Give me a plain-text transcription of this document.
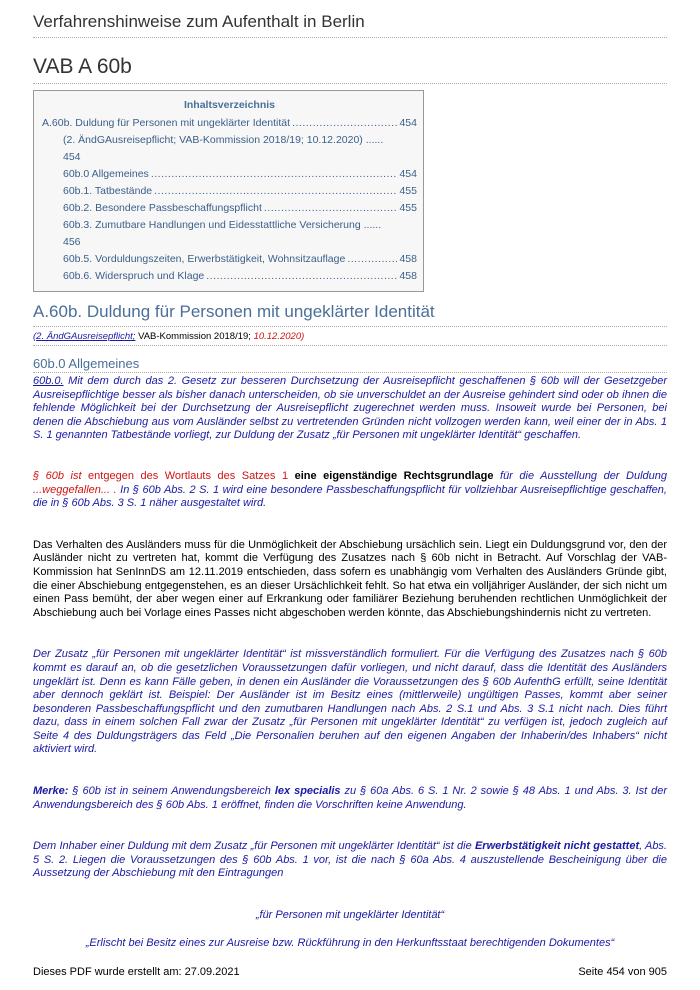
Verfahrenshinweise zum Aufenthalt in Berlin
VAB A 60b
Inhaltsverzeichnis
A.60b. Duldung für Personen mit ungeklärter Identität .....	454
(2. ÄndGAusreisepflicht; VAB-Kommission 2018/19; 10.12.2020) ......
454
60b.0 Allgemeines .....	454
60b.1. Tatbestände .....	455
60b.2. Besondere Passbeschaffungspflicht .....	455
60b.3. Zumutbare Handlungen und Eidesstattliche Versicherung ......
456
60b.5. Vorduldungszeiten, Erwerbstätigkeit, Wohnsitzauflage .....	458
60b.6. Widerspruch und Klage .....	458
A.60b. Duldung für Personen mit ungeklärter Identität
(2. ÄndGAusreisepflicht; VAB-Kommission 2018/19; 10.12.2020)
60b.0 Allgemeines

60b.0. Mit dem durch das 2. Gesetz zur besseren Durchsetzung der Ausreisepflicht geschaffenen § 60b will der Gesetzgeber Ausreisepflichtige besser als bisher danach unterscheiden, ob sie unverschuldet an der Ausreise gehindert sind oder ob ihnen die fehlende Möglichkeit bei der Durchsetzung der Ausreisepflicht zugerechnet werden muss. Insoweit wurde bei Personen, bei denen die Abschiebung aus vom Ausländer selbst zu vertretenden Gründen nicht vollzogen werden kann, weil einer der in Abs. 1 S. 1 genannten Tatbestände vorliegt, zur Duldung der Zusatz „für Personen mit ungeklärter Identität“ geschaffen.

§ 60b ist entgegen des Wortlauts des Satzes 1 eine eigenständige Rechtsgrundlage für die Ausstellung der Duldung ...weggefallen... . In § 60b Abs. 2 S. 1 wird eine besondere Passbeschaffungspflicht für vollziehbar Ausreisepflichtige geschaffen, die in § 60b Abs. 3 S. 1 näher ausgestaltet wird.

Das Verhalten des Ausländers muss für die Unmöglichkeit der Abschiebung ursächlich sein. Liegt ein Duldungsgrund vor, den der Ausländer nicht zu vertreten hat, kommt die Verfügung des Zusatzes nach § 60b nicht in Betracht. Auf Vorschlag der VAB-Kommission hat SenInnDS am 12.11.2019 entschieden, dass sofern es unabhängig vom Verhalten des Ausländers Gründe gibt, die einer Abschiebung entgegenstehen, es an dieser Ursächlichkeit fehlt. So hat etwa ein volljähriger Ausländer, der sich nicht um einen Pass bemüht, der aber wegen einer auf Erkrankung oder familiärer Beziehung beruhenden rechtlichen Unmöglichkeit der Abschiebung auch bei Vorlage eines Passes nicht abgeschoben werden könnte, das Abschiebungshindernis nicht zu vertreten.

Der Zusatz „für Personen mit ungeklärter Identität“ ist missverständlich formuliert. Für die Verfügung des Zusatzes nach § 60b kommt es darauf an, ob die gesetzlichen Voraussetzungen dafür vorliegen, und nicht darauf, dass die Identität des Ausländers ungeklärt ist. Denn es kann Fälle geben, in denen ein Ausländer die Voraussetzungen des § 60b AufenthG erfüllt, seine Identität aber dennoch geklärt ist. Beispiel: Der Ausländer ist im Besitz eines (mittlerweile) ungültigen Passes, kommt aber seiner besonderen Passbeschaffungspflicht und den zumutbaren Handlungen nach Abs. 2 S.1 und Abs. 3 S.1 nicht nach. Dies führt dazu, dass in einem solchen Fall zwar der Zusatz „für Personen mit ungeklärter Identität“ zu verfügen ist, jedoch zugleich auf Seite 4 des Duldungsträgers das Feld „Die Personalien beruhen auf den eigenen Angaben der Inhaberin/des Inhabers“ nicht aktiviert wird.

Merke: § 60b ist in seinem Anwendungsbereich lex specialis zu § 60a Abs. 6 S. 1 Nr. 2 sowie § 48 Abs. 1 und Abs. 3. Ist der Anwendungsbereich des § 60b Abs. 1 eröffnet, finden die Vorschriften keine Anwendung.

Dem Inhaber einer Duldung mit dem Zusatz „für Personen mit ungeklärter Identität“ ist die Erwerbstätigkeit nicht gestattet, Abs. 5 S. 2. Liegen die Voraussetzungen des § 60b Abs. 1 vor, ist die nach § 60a Abs. 4 auszustellende Bescheinigung über die Aussetzung der Abschiebung mit den Eintragungen

„für Personen mit ungeklärter Identität“

„Erlischt bei Besitz eines zur Ausreise bzw. Rückführung in den Herkunftsstaat berechtigenden Dokumentes“

Dieses PDF wurde erstellt am: 27.09.2021	Seite 454 von 905
